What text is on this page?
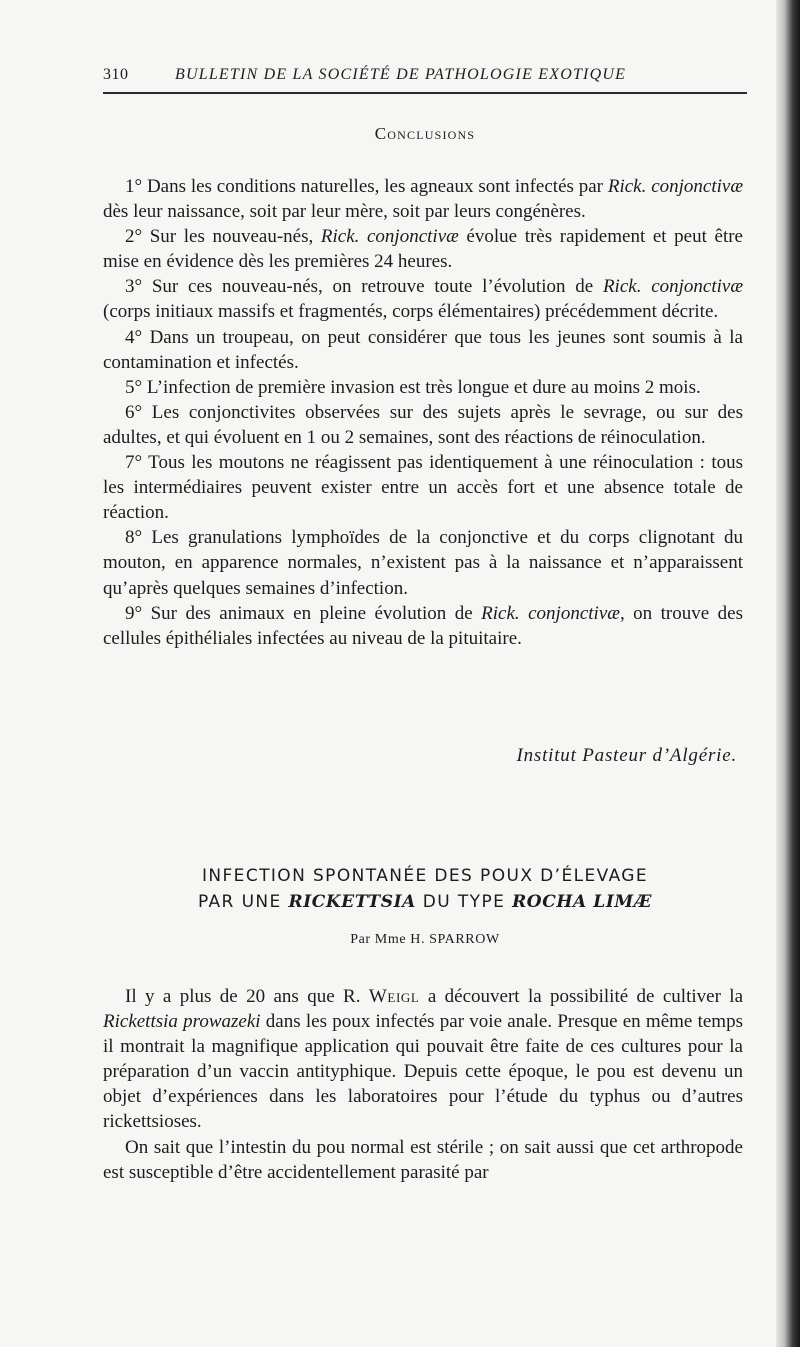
310	BULLETIN DE LA SOCIÉTÉ DE PATHOLOGIE EXOTIQUE
Conclusions

1° Dans les conditions naturelles, les agneaux sont infectés par Rick. conjonctivæ dès leur naissance, soit par leur mère, soit par leurs congénères.

2° Sur les nouveau-nés, Rick. conjonctivæ évolue très rapidement et peut être mise en évidence dès les premières 24 heures.

3° Sur ces nouveau-nés, on retrouve toute l’évolution de Rick. conjonctivæ (corps initiaux massifs et fragmentés, corps élémentaires) précédemment décrite.

4° Dans un troupeau, on peut considérer que tous les jeunes sont soumis à la contamination et infectés.

5° L’infection de première invasion est très longue et dure au moins 2 mois.

6° Les conjonctivites observées sur des sujets après le sevrage, ou sur des adultes, et qui évoluent en 1 ou 2 semaines, sont des réactions de réinoculation.

7° Tous les moutons ne réagissent pas identiquement à une réinoculation : tous les intermédiaires peuvent exister entre un accès fort et une absence totale de réaction.

8° Les granulations lymphoïdes de la conjonctive et du corps clignotant du mouton, en apparence normales, n’existent pas à la naissance et n’apparaissent qu’après quelques semaines d’infection.

9° Sur des animaux en pleine évolution de Rick. conjonctivæ, on trouve des cellules épithéliales infectées au niveau de la pituitaire.

Institut Pasteur d’Algérie.
INFECTION SPONTANÉE DES POUX D’ÉLEVAGE
PAR UNE RICKETTSIA DU TYPE ROCHA LIMÆ
Par Mme H. SPARROW

Il y a plus de 20 ans que R. Weigl a découvert la possibilité de cultiver la Rickettsia prowazeki dans les poux infectés par voie anale. Presque en même temps il montrait la magnifique application qui pouvait être faite de ces cultures pour la préparation d’un vaccin antityphique. Depuis cette époque, le pou est devenu un objet d’expériences dans les laboratoires pour l’étude du typhus ou d’autres rickettsioses.

On sait que l’intestin du pou normal est stérile ; on sait aussi que cet arthropode est susceptible d’être accidentellement parasité par
